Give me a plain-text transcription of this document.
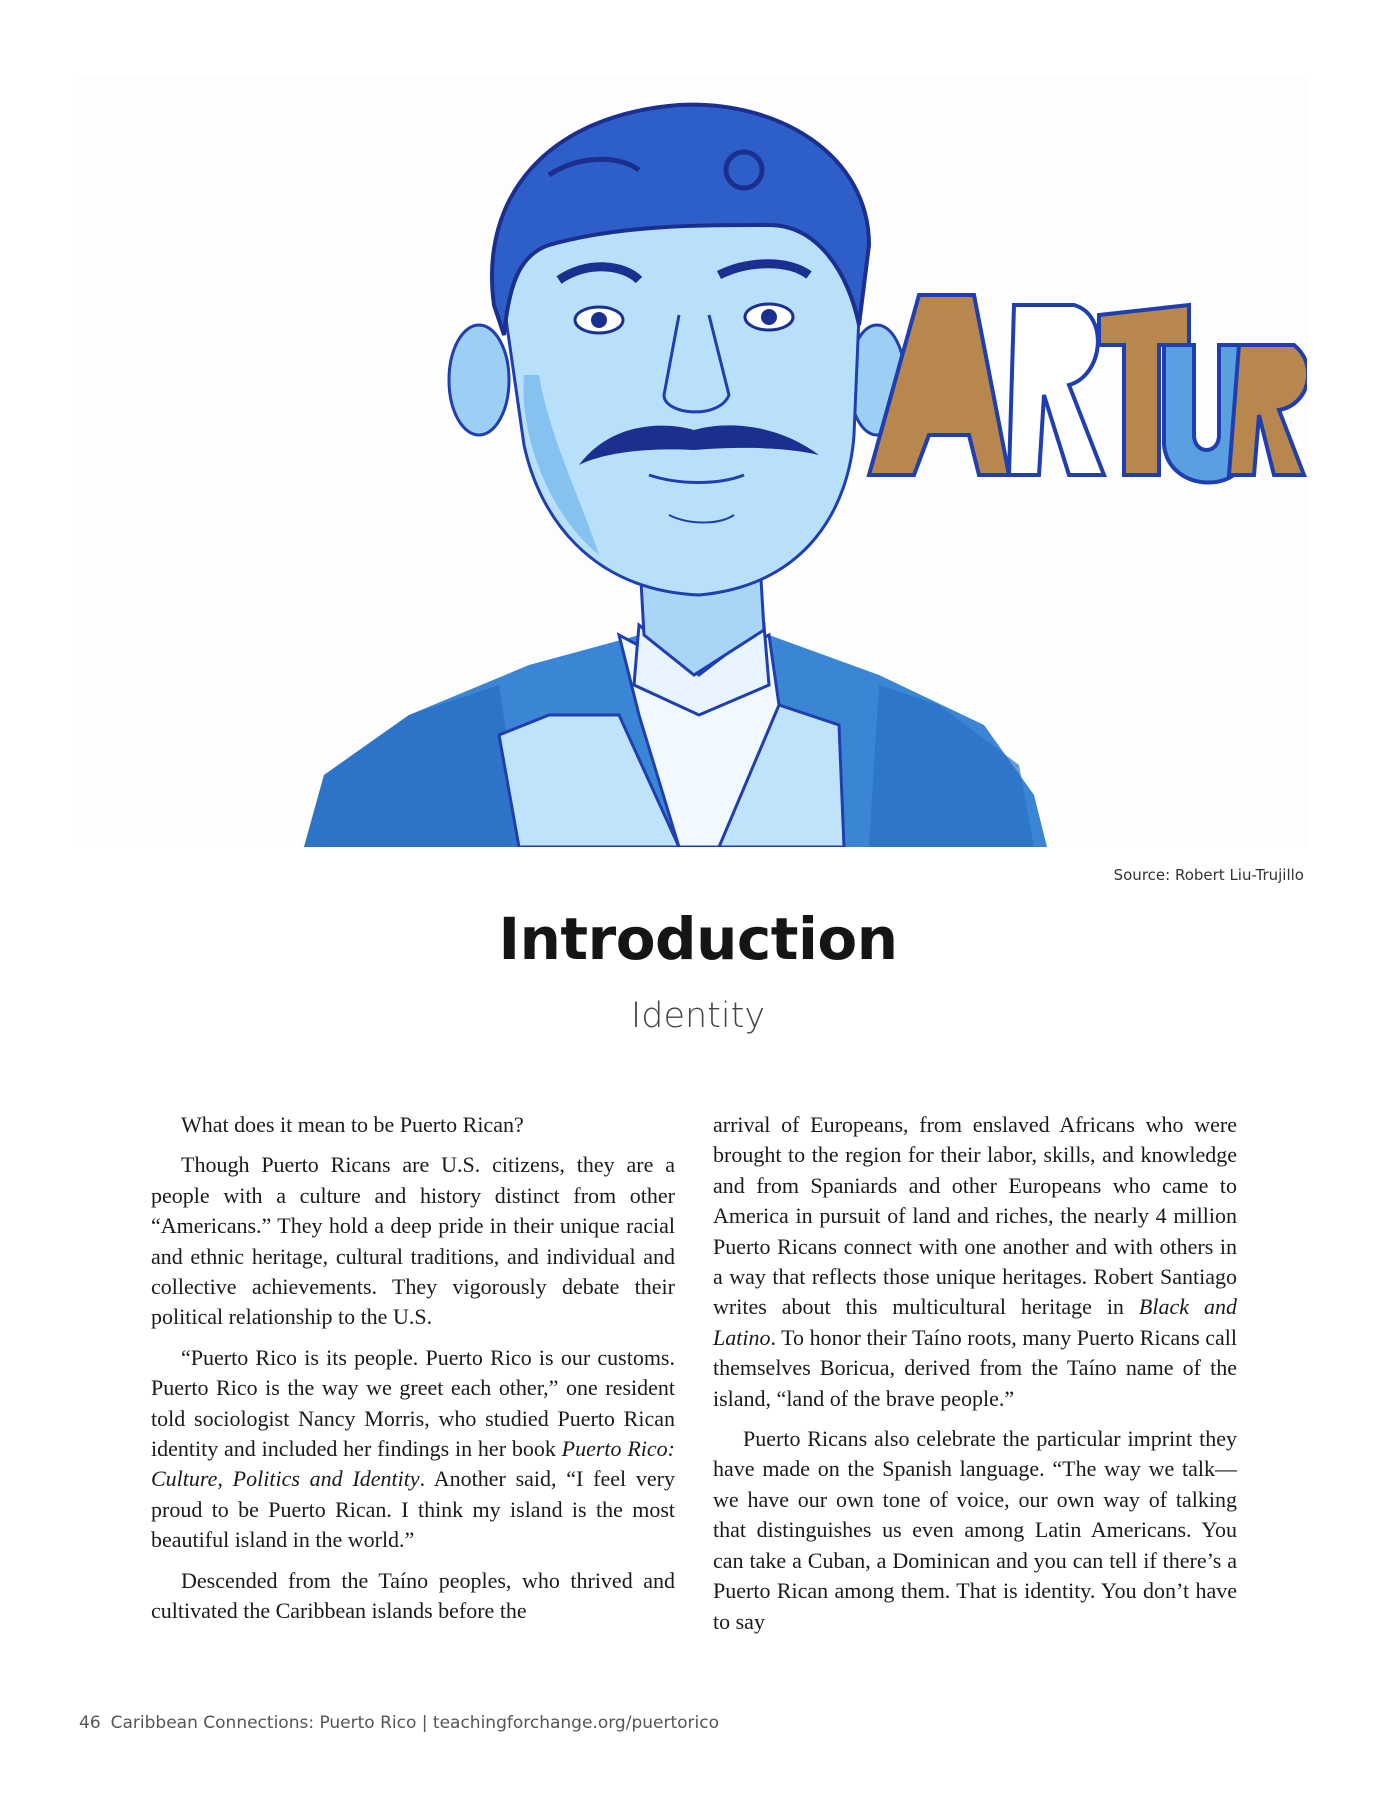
Source: Robert Liu-Trujillo
Introduction
Identity

What does it mean to be Puerto Rican?

Though Puerto Ricans are U.S. citizens, they are a people with a culture and history distinct from other “Americans.” They hold a deep pride in their unique racial and ethnic heritage, cultural traditions, and individual and collective achievements. They vigorously debate their political relationship to the U.S.

“Puerto Rico is its people. Puerto Rico is our customs. Puerto Rico is the way we greet each other,” one resident told sociologist Nancy Morris, who studied Puerto Rican identity and included her findings in her book Puerto Rico: Culture, Politics and Identity. Another said, “I feel very proud to be Puerto Rican. I think my island is the most beautiful island in the world.”

Descended from the Taíno peoples, who thrived and cultivated the Caribbean islands before the

arrival of Europeans, from enslaved Africans who were brought to the region for their labor, skills, and knowledge and from Spaniards and other Europeans who came to America in pursuit of land and riches, the nearly 4 million Puerto Ricans connect with one another and with others in a way that reflects those unique heritages. Robert Santiago writes about this multicultural heritage in Black and Latino. To honor their Taíno roots, many Puerto Ricans call themselves Boricua, derived from the Taíno name of the island, “land of the brave people.”

Puerto Ricans also celebrate the particular imprint they have made on the Spanish language. “The way we talk—we have our own tone of voice, our own way of talking that distinguishes us even among Latin Americans. You can take a Cuban, a Dominican and you can tell if there’s a Puerto Rican among them. That is identity. You don’t have to say

46 Caribbean Connections: Puerto Rico | teachingforchange.org/puertorico
